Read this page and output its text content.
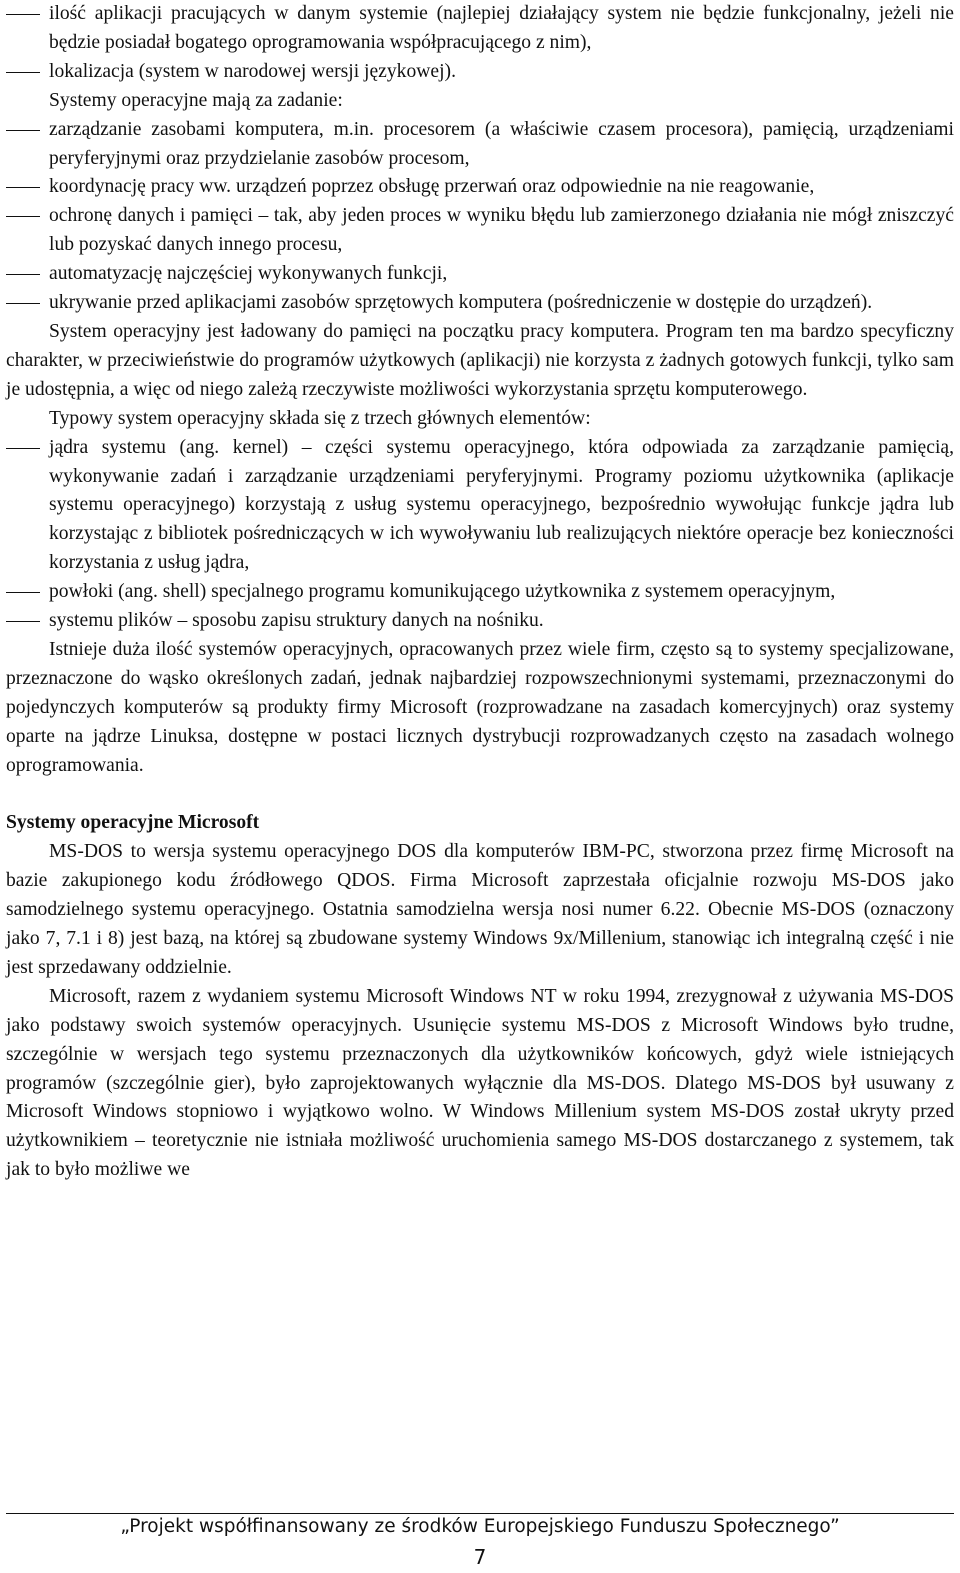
ilość aplikacji pracujących w danym systemie (najlepiej działający system nie będzie funkcjonalny, jeżeli nie będzie posiadał bogatego oprogramowania współpracującego z nim),
lokalizacja (system w narodowej wersji językowej).
Systemy operacyjne mają za zadanie:
zarządzanie zasobami komputera, m.in. procesorem (a właściwie czasem procesora), pamięcią, urządzeniami peryferyjnymi oraz przydzielanie zasobów procesom,
koordynację pracy ww. urządzeń poprzez obsługę przerwań oraz odpowiednie na nie reagowanie,
ochronę danych i pamięci – tak, aby jeden proces w wyniku błędu lub zamierzonego działania nie mógł zniszczyć lub pozyskać danych innego procesu,
automatyzację najczęściej wykonywanych funkcji,
ukrywanie przed aplikacjami zasobów sprzętowych komputera (pośredniczenie w dostępie do urządzeń).
System operacyjny jest ładowany do pamięci na początku pracy komputera. Program ten ma bardzo specyficzny charakter, w przeciwieństwie do programów użytkowych (aplikacji) nie korzysta z żadnych gotowych funkcji, tylko sam je udostępnia, a więc od niego zależą rzeczywiste możliwości wykorzystania sprzętu komputerowego.
Typowy system operacyjny składa się z trzech głównych elementów:
jądra systemu (ang. kernel) – części systemu operacyjnego, która odpowiada za zarządzanie pamięcią, wykonywanie zadań i zarządzanie urządzeniami peryferyjnymi. Programy poziomu użytkownika (aplikacje systemu operacyjnego) korzystają z usług systemu operacyjnego, bezpośrednio wywołując funkcje jądra lub korzystając z bibliotek pośredniczących w ich wywoływaniu lub realizujących niektóre operacje bez konieczności korzystania z usług jądra,
powłoki (ang. shell) specjalnego programu komunikującego użytkownika z systemem operacyjnym,
systemu plików – sposobu zapisu struktury danych na nośniku.
Istnieje duża ilość systemów operacyjnych, opracowanych przez wiele firm, często są to systemy specjalizowane, przeznaczone do wąsko określonych zadań, jednak najbardziej rozpowszechnionymi systemami, przeznaczonymi do pojedynczych komputerów są produkty firmy Microsoft (rozprowadzane na zasadach komercyjnych) oraz systemy oparte na jądrze Linuksa, dostępne w postaci licznych dystrybucji rozprowadzanych często na zasadach wolnego oprogramowania.
Systemy operacyjne Microsoft
MS-DOS to wersja systemu operacyjnego DOS dla komputerów IBM-PC, stworzona przez firmę Microsoft na bazie zakupionego kodu źródłowego QDOS. Firma Microsoft zaprzestała oficjalnie rozwoju MS-DOS jako samodzielnego systemu operacyjnego. Ostatnia samodzielna wersja nosi numer 6.22. Obecnie MS-DOS (oznaczony jako 7, 7.1 i 8) jest bazą, na której są zbudowane systemy Windows 9x/Millenium, stanowiąc ich integralną część i nie jest sprzedawany oddzielnie.
Microsoft, razem z wydaniem systemu Microsoft Windows NT w roku 1994, zrezygnował z używania MS-DOS jako podstawy swoich systemów operacyjnych. Usunięcie systemu MS-DOS z Microsoft Windows było trudne, szczególnie w wersjach tego systemu przeznaczonych dla użytkowników końcowych, gdyż wiele istniejących programów (szczególnie gier), było zaprojektowanych wyłącznie dla MS-DOS. Dlatego MS-DOS był usuwany z Microsoft Windows stopniowo i wyjątkowo wolno. W Windows Millenium system MS-DOS został ukryty przed użytkownikiem – teoretycznie nie istniała możliwość uruchomienia samego MS-DOS dostarczanego z systemem, tak jak to było możliwe we
„Projekt współfinansowany ze środków Europejskiego Funduszu Społecznego”
7
